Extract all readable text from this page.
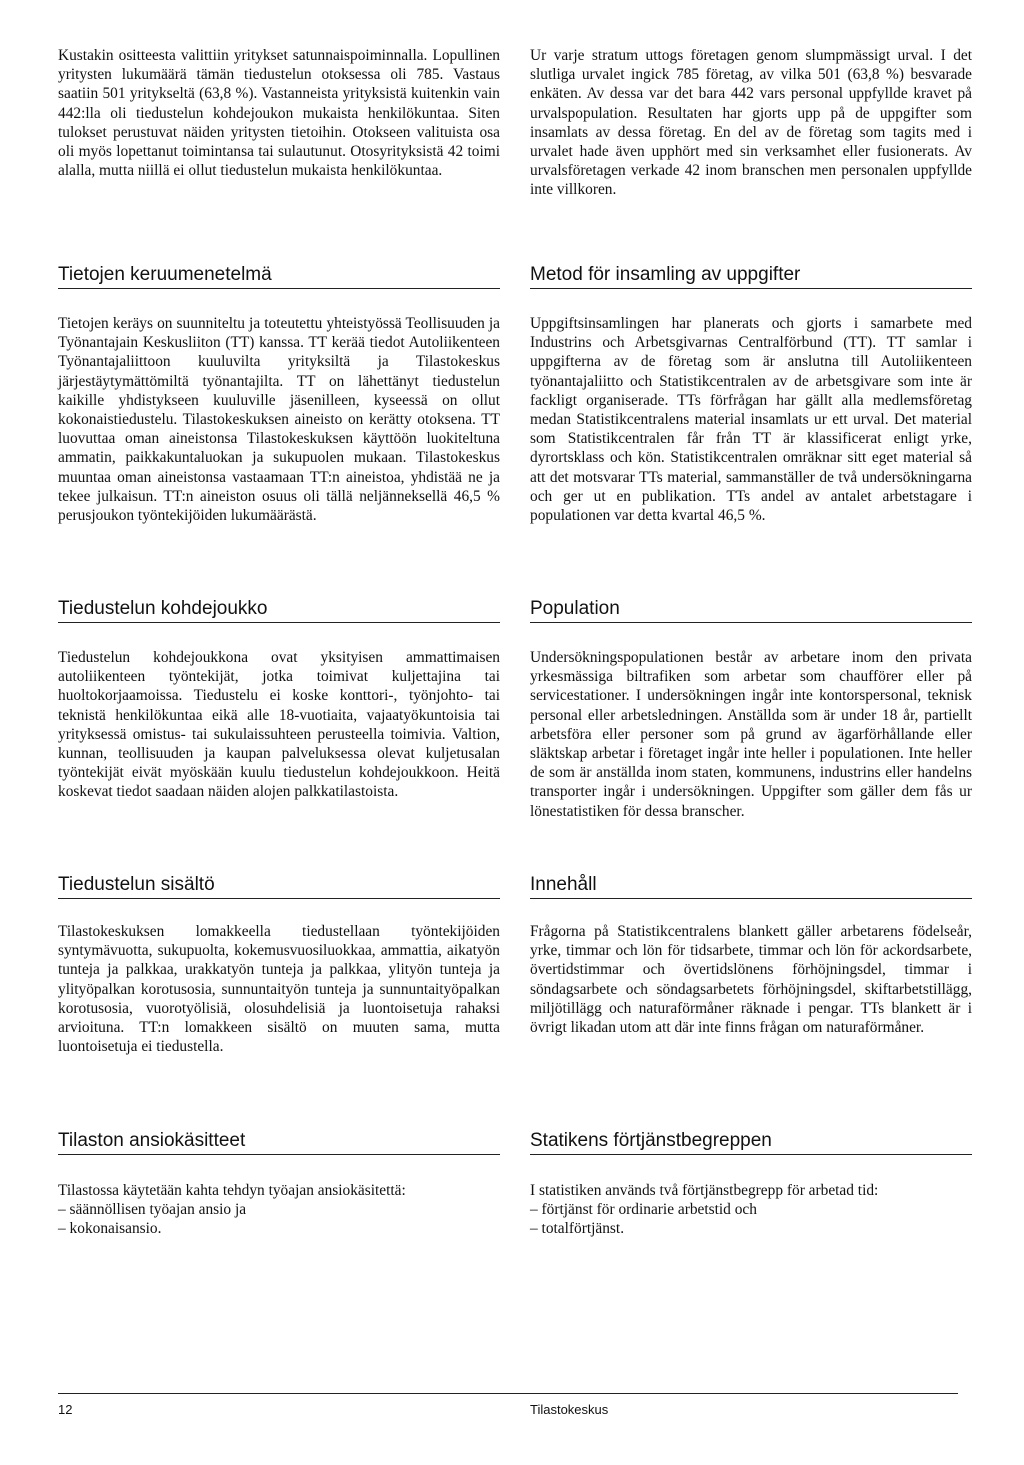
Kustakin ositteesta valittiin yritykset satunnaispoiminnalla. Lopullinen yritysten lukumäärä tämän tiedustelun otoksessa oli 785. Vastaus saatiin 501 yritykseltä (63,8 %). Vastanneista yrityksistä kuitenkin vain 442:lla oli tiedustelun kohdejoukon mukaista henkilökuntaa. Siten tulokset perustuvat näiden yritysten tietoihin. Otokseen valituista osa oli myös lopettanut toimintansa tai sulautunut. Otosyrityksistä 42 toimi alalla, mutta niillä ei ollut tiedustelun mukaista henkilökuntaa.

Tietojen keruumenetelmä

Tietojen keräys on suunniteltu ja toteutettu yhteistyössä Teollisuuden ja Työnantajain Keskusliiton (TT) kanssa. TT kerää tiedot Autoliikenteen Työnantajaliittoon kuuluvilta yrityksiltä ja Tilastokeskus järjestäytymättömiltä työnantajilta. TT on lähettänyt tiedustelun kaikille yhdistykseen kuuluville jäsenilleen, kyseessä on ollut kokonaistiedustelu. Tilastokeskuksen aineisto on kerätty otoksena. TT luovuttaa oman aineistonsa Tilastokeskuksen käyttöön luokiteltuna ammatin, paikkakuntaluokan ja sukupuolen mukaan. Tilastokeskus muuntaa oman aineistonsa vastaamaan TT:n aineistoa, yhdistää ne ja tekee julkaisun. TT:n aineiston osuus oli tällä neljänneksellä 46,5 % perusjoukon työntekijöiden lukumäärästä.

Tiedustelun kohdejoukko

Tiedustelun kohdejoukkona ovat yksityisen ammattimaisen autoliikenteen työntekijät, jotka toimivat kuljettajina tai huoltokorjaamoissa. Tiedustelu ei koske konttori-, työnjohto- tai teknistä henkilökuntaa eikä alle 18-vuotiaita, vajaatyökuntoisia tai yrityksessä omistus- tai sukulaissuhteen perusteella toimivia. Valtion, kunnan, teollisuuden ja kaupan palveluksessa olevat kuljetusalan työntekijät eivät myöskään kuulu tiedustelun kohdejoukkoon. Heitä koskevat tiedot saadaan näiden alojen palkkatilastoista.

Tiedustelun sisältö

Tilastokeskuksen lomakkeella tiedustellaan työntekijöiden syntymävuotta, sukupuolta, kokemusvuosiluokkaa, ammattia, aikatyön tunteja ja palkkaa, urakkatyön tunteja ja palkkaa, ylityön tunteja ja ylityöpalkan korotusosia, sunnuntaityön tunteja ja sunnuntaityöpalkan korotusosia, vuorotyölisiä, olosuhdelisiä ja luontoisetuja rahaksi arvioituna. TT:n lomakkeen sisältö on muuten sama, mutta luontoisetuja ei tiedustella.

Tilaston ansiokäsitteet

Tilastossa käytetään kahta tehdyn työajan ansiokäsitettä:

– säännöllisen työajan ansio ja
– kokonaisansio.

Ur varje stratum uttogs företagen genom slumpmässigt urval. I det slutliga urvalet ingick 785 företag, av vilka 501 (63,8 %) besvarade enkäten. Av dessa var det bara 442 vars personal uppfyllde kravet på urvalspopulation. Resultaten har gjorts upp på de uppgifter som insamlats av dessa företag. En del av de företag som tagits med i urvalet hade även upphört med sin verksamhet eller fusionerats. Av urvalsföretagen verkade 42 inom branschen men personalen uppfyllde inte villkoren.

Metod för insamling av uppgifter

Uppgiftsinsamlingen har planerats och gjorts i samarbete med Industrins och Arbetsgivarnas Centralförbund (TT). TT samlar i uppgifterna av de företag som är anslutna till Autoliikenteen työnantajaliitto och Statistikcentralen av de arbetsgivare som inte är fackligt organiserade. TTs förfrågan har gällt alla medlemsföretag medan Statistikcentralens material insamlats ur ett urval. Det material som Statistikcentralen får från TT är klassificerat enligt yrke, dyrortsklass och kön. Statistikcentralen omräknar sitt eget material så att det motsvarar TTs material, sammanställer de två undersökningarna och ger ut en publikation. TTs andel av antalet arbetstagare i populationen var detta kvartal 46,5 %.

Population

Undersökningspopulationen består av arbetare inom den privata yrkesmässiga biltrafiken som arbetar som chaufförer eller på servicestationer. I undersökningen ingår inte kontorspersonal, teknisk personal eller arbetsledningen. Anställda som är under 18 år, partiellt arbetsföra eller personer som på grund av ägarförhållande eller släktskap arbetar i företaget ingår inte heller i populationen. Inte heller de som är anställda inom staten, kommunens, industrins eller handelns transporter ingår i undersökningen. Uppgifter som gäller dem fås ur lönestatistiken för dessa branscher.

Innehåll

Frågorna på Statistikcentralens blankett gäller arbetarens födelseår, yrke, timmar och lön för tidsarbete, timmar och lön för ackordsarbete, övertidstimmar och övertidslönens förhöjningsdel, timmar i söndagsarbete och söndagsarbetets förhöjningsdel, skiftarbetstillägg, miljötillägg och naturaförmåner räknade i pengar. TTs blankett är i övrigt likadan utom att där inte finns frågan om naturaförmåner.

Statikens förtjänstbegreppen

I statistiken används två förtjänstbegrepp för arbetad tid:

– förtjänst för ordinarie arbetstid och
– totalförtjänst.
12	Tilastokeskus
